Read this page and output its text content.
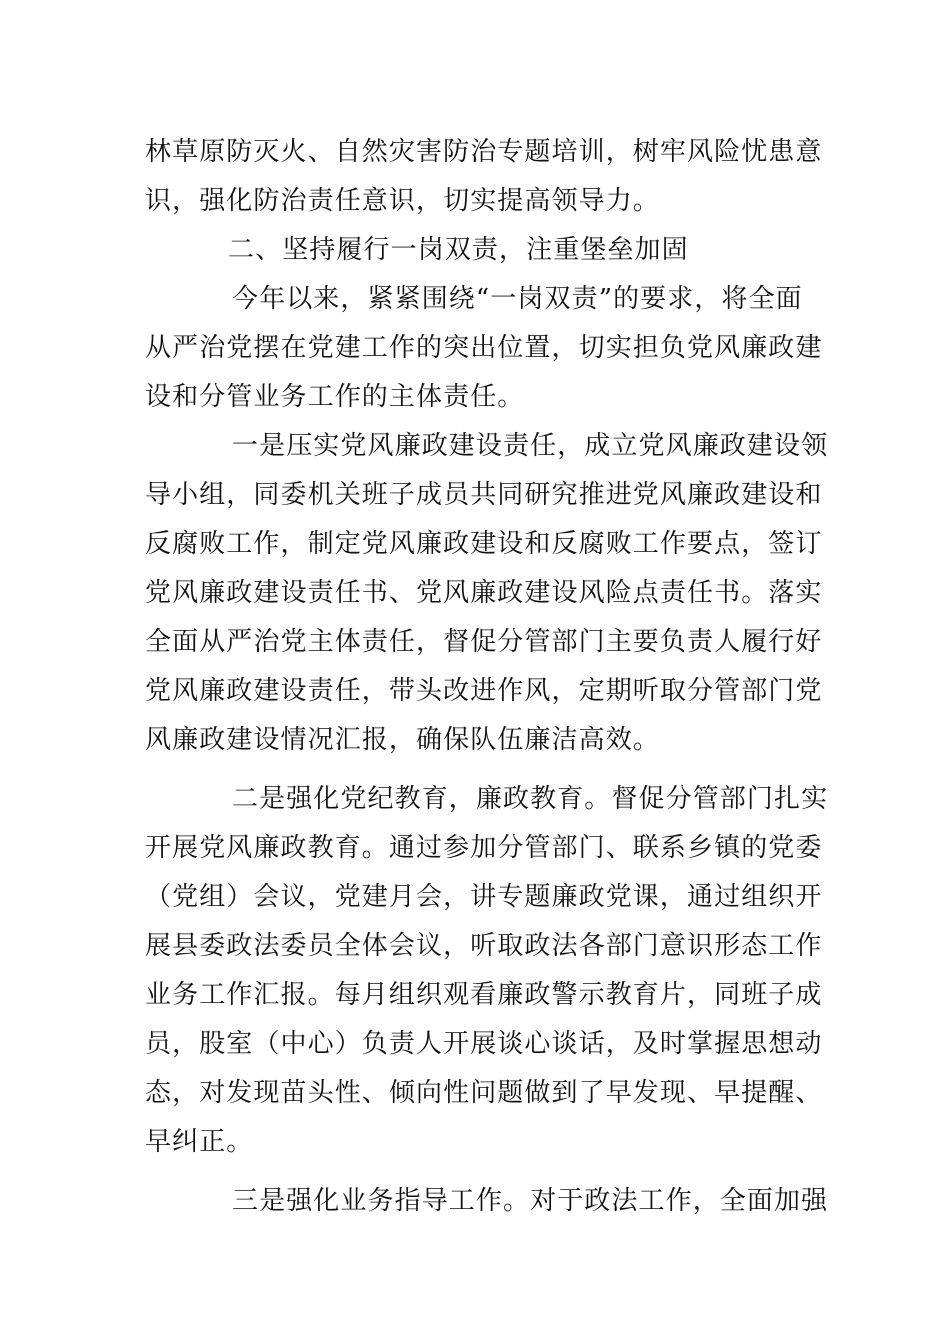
林草原防灭火、自然灾害防治专题培训，树牢风险忧患意
识，强化防治责任意识，切实提高领导力。
二、坚持履行一岗双责，注重堡垒加固
今年以来，紧紧围绕“一岗双责”的要求，将全面
从严治党摆在党建工作的突出位置，切实担负党风廉政建
设和分管业务工作的主体责任。
一是压实党风廉政建设责任，成立党风廉政建设领
导小组，同委机关班子成员共同研究推进党风廉政建设和
反腐败工作，制定党风廉政建设和反腐败工作要点，签订
党风廉政建设责任书、党风廉政建设风险点责任书。落实
全面从严治党主体责任，督促分管部门主要负责人履行好
党风廉政建设责任，带头改进作风，定期听取分管部门党
风廉政建设情况汇报，确保队伍廉洁高效。
二是强化党纪教育，廉政教育。督促分管部门扎实
开展党风廉政教育。通过参加分管部门、联系乡镇的党委
（党组）会议，党建月会，讲专题廉政党课，通过组织开
展县委政法委员全体会议，听取政法各部门意识形态工作
业务工作汇报。每月组织观看廉政警示教育片，同班子成
员，股室（中心）负责人开展谈心谈话，及时掌握思想动
态，对发现苗头性、倾向性问题做到了早发现、早提醒、
早纠正。
三是强化业务指导工作。对于政法工作，全面加强
